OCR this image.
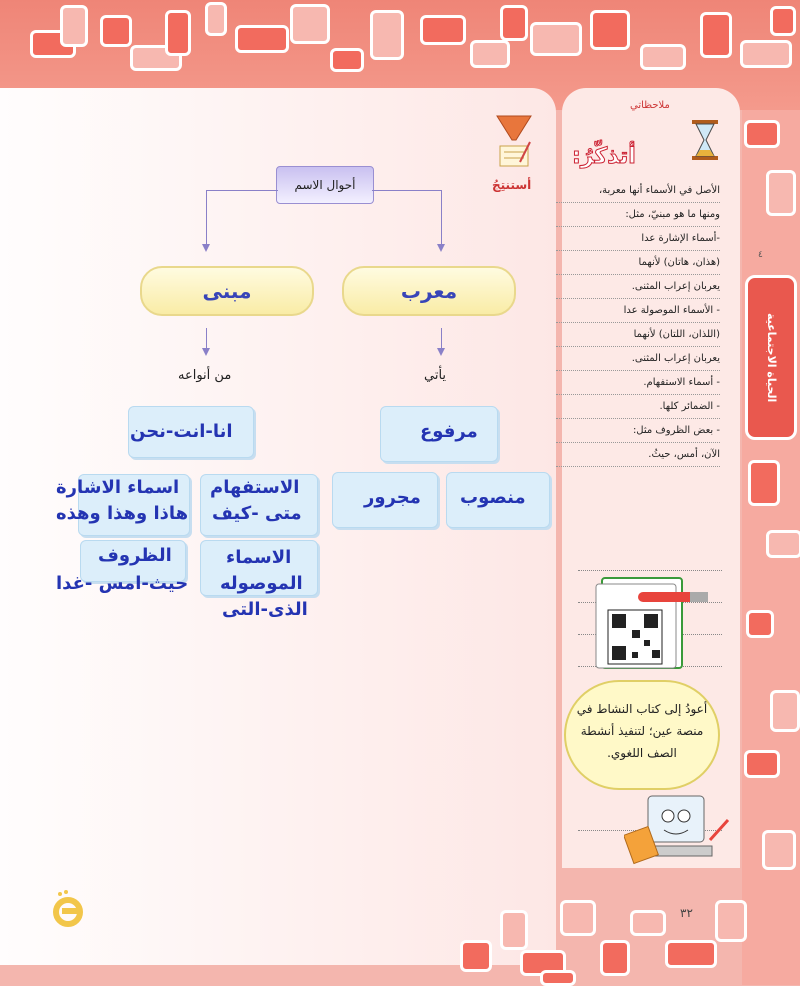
الحياة الاجتماعية
٤
أستنتِجُ
أحوال الاسم
مبنى	معرب
من أنواعه	يأتي
انا-انت-نحن	مرفوع
مجرور منصوب
اسماء الاشارة
هاذا وهذا وهذه
الاستفهام
متى -كيف
الظروف
حيث-امس -غدا
الاسماء
الموصوله
الذى-التى
ملاحظاتي
أتذكّرُ:
الأصل في الأسماء أنها معربة،
ومنها ما هو مبنيّ، مثل:
-أسماء الإشارة عدا
(هذان، هاتان) لأنهما
يعربان إعراب المثنى.
- الأسماء الموصولة عدا
(اللذان، اللتان) لأنهما
يعربان إعراب المثنى.
- أسماء الاستفهام.
- الضمائر كلها.
- بعض الظروف مثل:
الآن، أمس، حيثُ.
أعودُ إلى كتاب النشاط في
منصة عين؛ لتنفيذ أنشطة
الصف اللغوي.
٣٢
